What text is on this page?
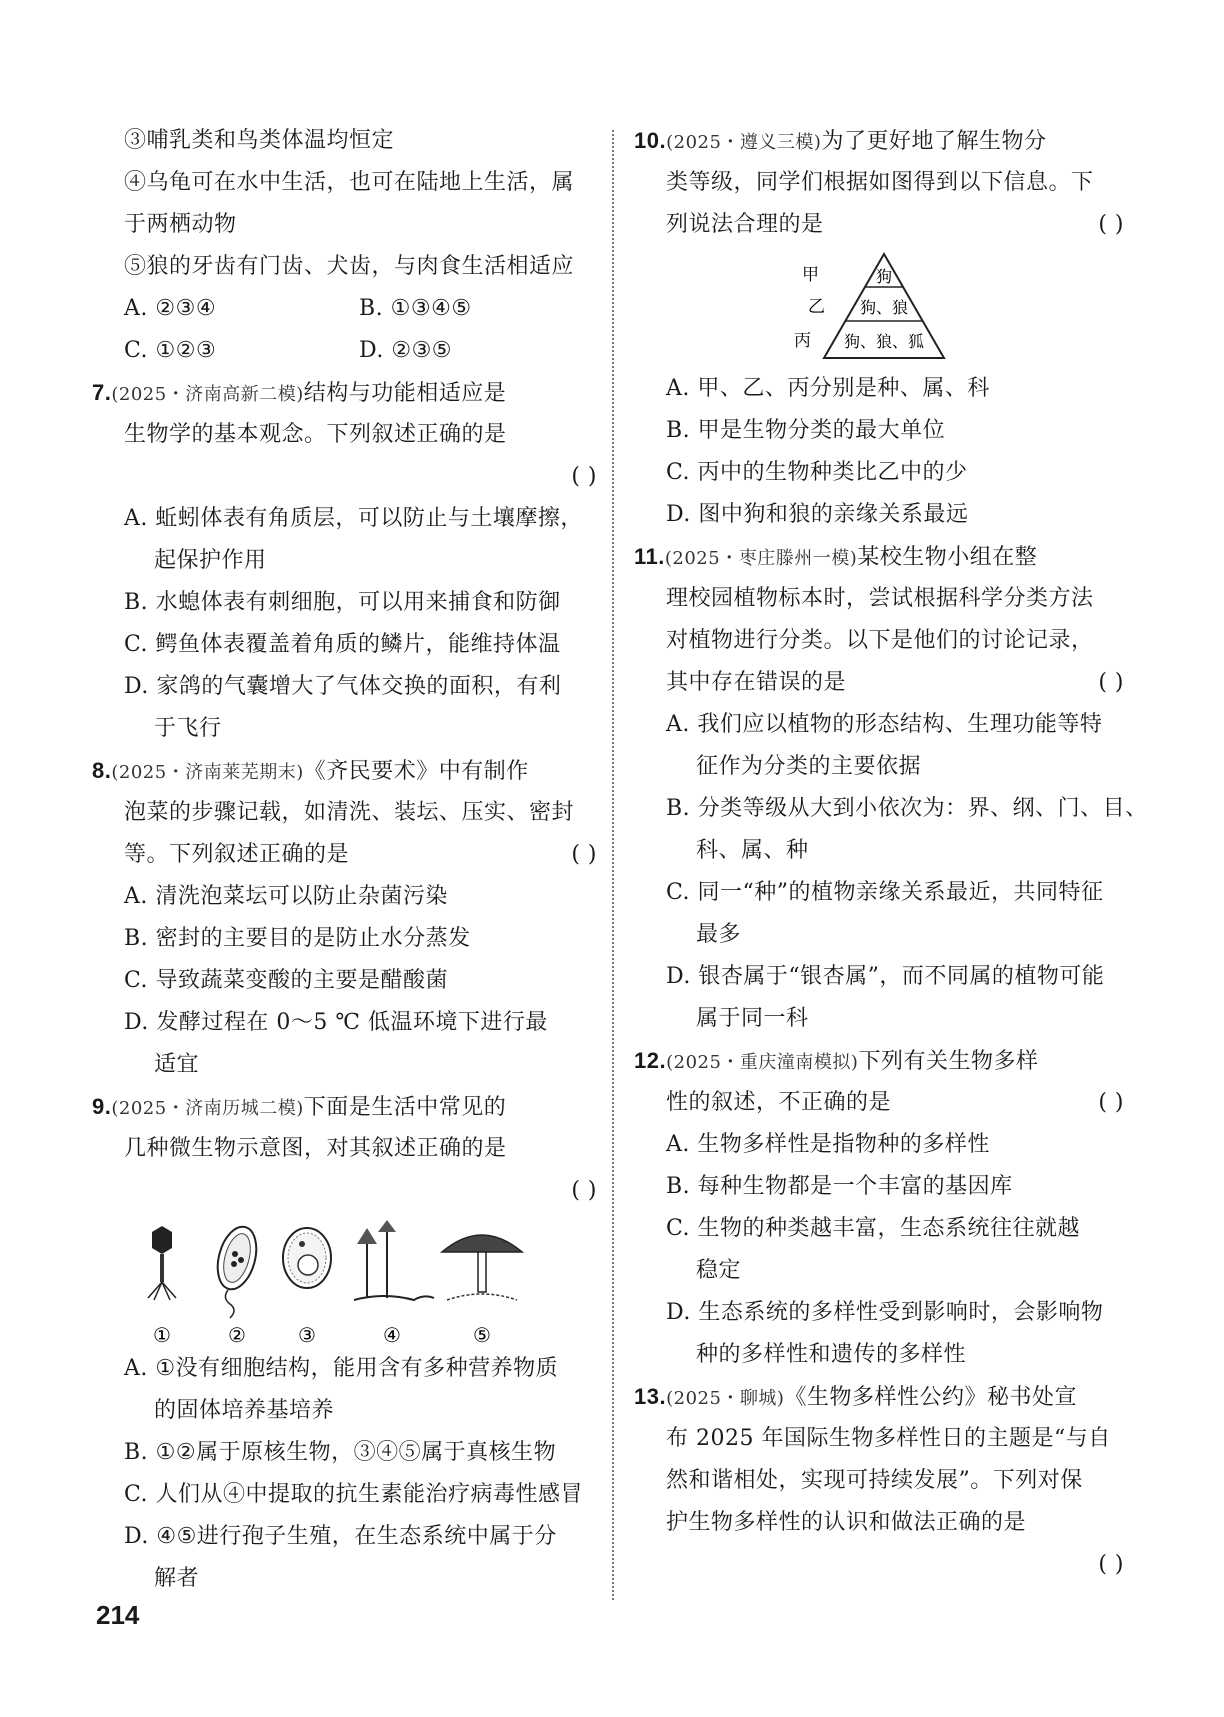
③哺乳类和鸟类体温均恒定
④乌龟可在水中生活，也可在陆地上生活，属
于两栖动物
⑤狼的牙齿有门齿、犬齿，与肉食生活相适应
A. ②③④	B. ①③④⑤
C. ①②③	D. ②③⑤
7.(2025・济南高新二模)结构与功能相适应是
生物学的基本观念。下列叙述正确的是
( )
A. 蚯蚓体表有角质层，可以防止与土壤摩擦，
起保护作用
B. 水螅体表有刺细胞，可以用来捕食和防御
C. 鳄鱼体表覆盖着角质的鳞片，能维持体温
D. 家鸽的气囊增大了气体交换的面积，有利
于飞行
8.(2025・济南莱芜期末)《齐民要术》中有制作
泡菜的步骤记载，如清洗、装坛、压实、密封
等。下列叙述正确的是	( )
A. 清洗泡菜坛可以防止杂菌污染
B. 密封的主要目的是防止水分蒸发
C. 导致蔬菜变酸的主要是醋酸菌
D. 发酵过程在 0～5 ℃ 低温环境下进行最
适宜
9.(2025・济南历城二模)下面是生活中常见的
几种微生物示意图，对其叙述正确的是
( )
①	②	③	④	⑤
A. ①没有细胞结构，能用含有多种营养物质
的固体培养基培养
B. ①②属于原核生物，③④⑤属于真核生物
C. 人们从④中提取的抗生素能治疗病毒性感冒
D. ④⑤进行孢子生殖，在生态系统中属于分
解者
10.(2025・遵义三模)为了更好地了解生物分
类等级，同学们根据如图得到以下信息。下
列说法合理的是	( )
甲
乙
丙
狗
狗、狼
狗、狼、狐
A. 甲、乙、丙分别是种、属、科
B. 甲是生物分类的最大单位
C. 丙中的生物种类比乙中的少
D. 图中狗和狼的亲缘关系最远
11.(2025・枣庄滕州一模)某校生物小组在整
理校园植物标本时，尝试根据科学分类方法
对植物进行分类。以下是他们的讨论记录，
其中存在错误的是	( )
A. 我们应以植物的形态结构、生理功能等特
征作为分类的主要依据
B. 分类等级从大到小依次为：界、纲、门、目、
科、属、种
C. 同一“种”的植物亲缘关系最近，共同特征
最多
D. 银杏属于“银杏属”，而不同属的植物可能
属于同一科
12.(2025・重庆潼南模拟)下列有关生物多样
性的叙述，不正确的是	( )
A. 生物多样性是指物种的多样性
B. 每种生物都是一个丰富的基因库
C. 生物的种类越丰富，生态系统往往就越
稳定
D. 生态系统的多样性受到影响时，会影响物
种的多样性和遗传的多样性
13.(2025・聊城)《生物多样性公约》秘书处宣
布 2025 年国际生物多样性日的主题是“与自
然和谐相处，实现可持续发展”。下列对保
护生物多样性的认识和做法正确的是
( )
214
